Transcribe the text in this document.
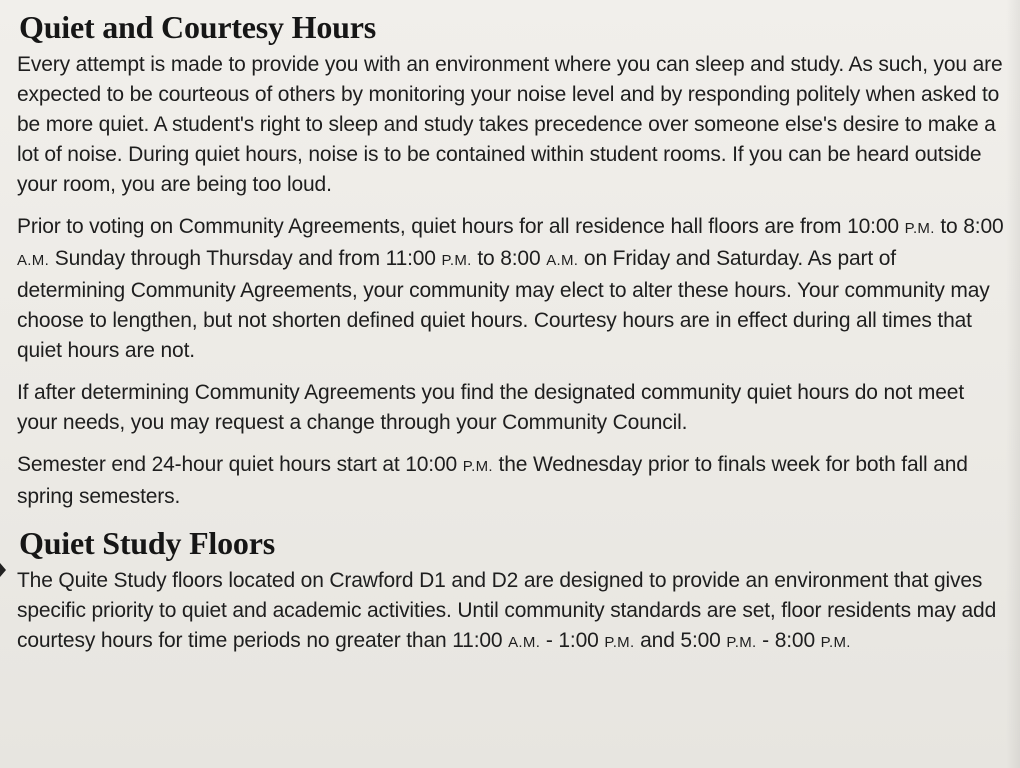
Quiet and Courtesy Hours

Every attempt is made to provide you with an environment where you can sleep and study. As such, you are expected to be courteous of others by monitoring your noise level and by responding politely when asked to be more quiet. A student's right to sleep and study takes precedence over someone else's desire to make a lot of noise. During quiet hours, noise is to be contained within student rooms. If you can be heard outside your room, you are being too loud.

Prior to voting on Community Agreements, quiet hours for all residence hall floors are from 10:00 P.M. to 8:00 A.M. Sunday through Thursday and from 11:00 P.M. to 8:00 A.M. on Friday and Saturday. As part of determining Community Agreements, your community may elect to alter these hours. Your community may choose to lengthen, but not shorten defined quiet hours. Courtesy hours are in effect during all times that quiet hours are not.

If after determining Community Agreements you find the designated community quiet hours do not meet your needs, you may request a change through your Community Council.

Semester end 24-hour quiet hours start at 10:00 P.M. the Wednesday prior to finals week for both fall and spring semesters.

Quiet Study Floors

The Quite Study floors located on Crawford D1 and D2 are designed to provide an environment that gives specific priority to quiet and academic activities. Until community standards are set, floor residents may add courtesy hours for time periods no greater than 11:00 A.M. - 1:00 P.M. and 5:00 P.M. - 8:00 P.M.
